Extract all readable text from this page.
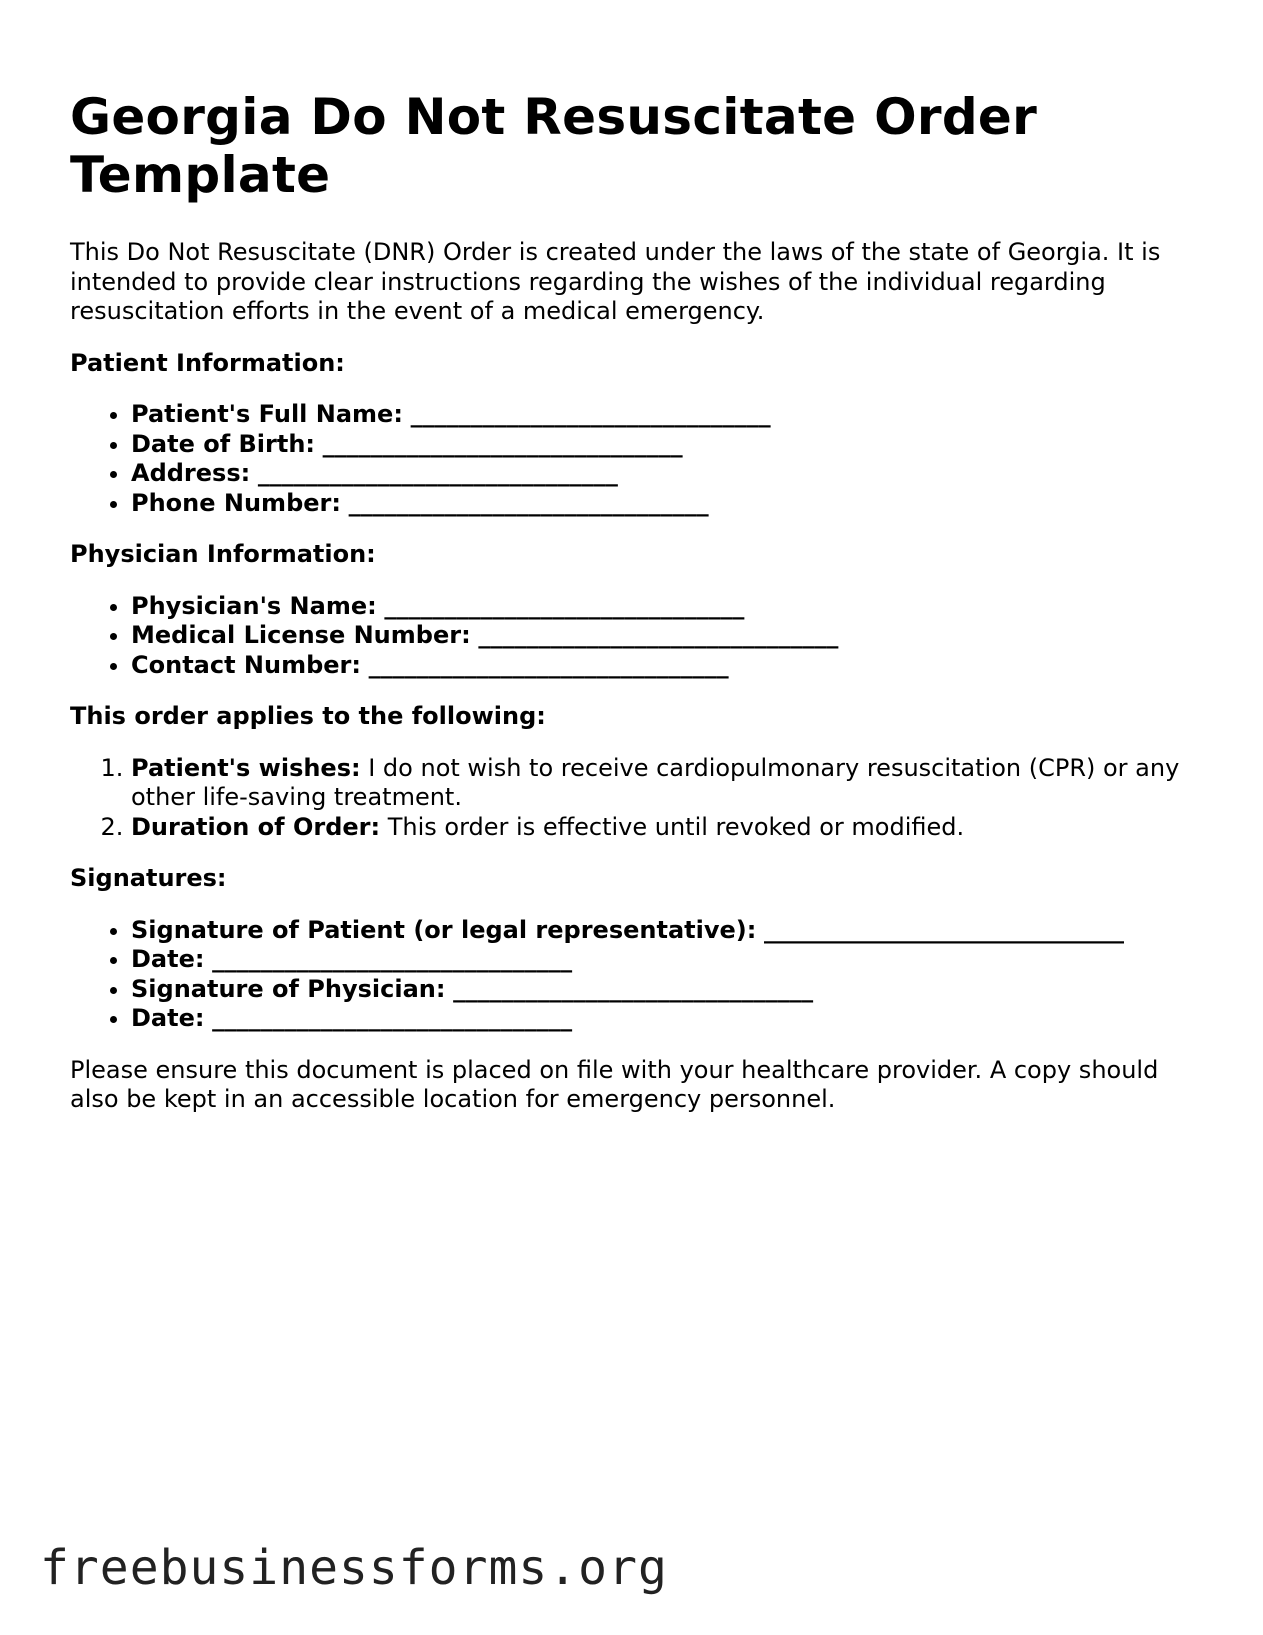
Georgia Do Not Resuscitate Order Template

This Do Not Resuscitate (DNR) Order is created under the laws of the state of Georgia. It is intended to provide clear instructions regarding the wishes of the individual regarding resuscitation efforts in the event of a medical emergency.

Patient Information:
• Patient's Full Name: ______________________________
• Date of Birth: ______________________________
• Address: ______________________________
• Phone Number: ______________________________
Physician Information:
• Physician's Name: ______________________________
• Medical License Number: ______________________________
• Contact Number: ______________________________
This order applies to the following:
1. Patient's wishes: I do not wish to receive cardiopulmonary resuscitation (CPR) or any other life-saving treatment.
2. Duration of Order: This order is effective until revoked or modified.
Signatures:
• Signature of Patient (or legal representative): ______________________________
• Date: ______________________________
• Signature of Physician: ______________________________
• Date: ______________________________

Please ensure this document is placed on file with your healthcare provider. A copy should also be kept in an accessible location for emergency personnel.

freebusinessforms.org
